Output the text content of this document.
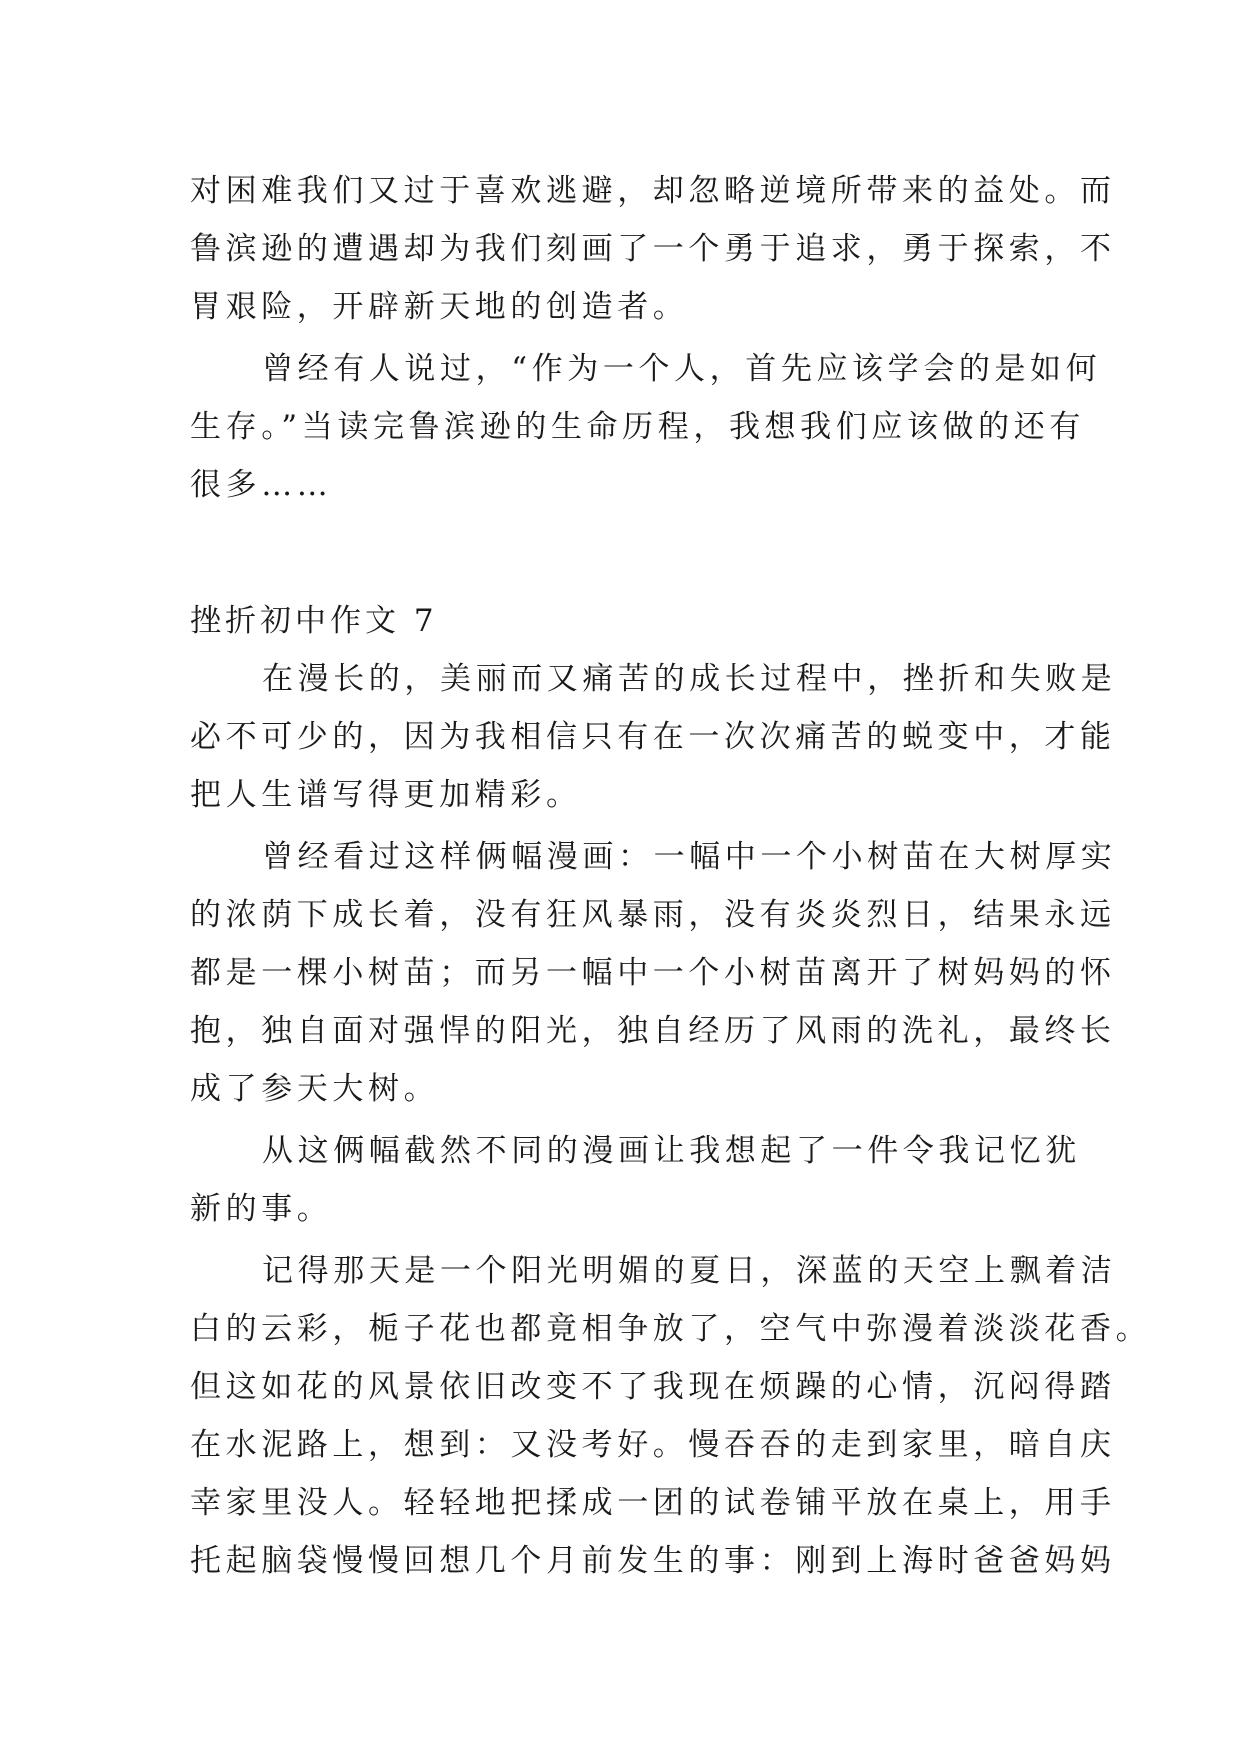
对困难我们又过于喜欢逃避，却忽略逆境所带来的益处。而
鲁滨逊的遭遇却为我们刻画了一个勇于追求，勇于探索，不
胃艰险，开辟新天地的创造者。
曾经有人说过，“作为一个人，首先应该学会的是如何
生存。”当读完鲁滨逊的生命历程，我想我们应该做的还有
很多……
挫折初中作文 7
在漫长的，美丽而又痛苦的成长过程中，挫折和失败是
必不可少的，因为我相信只有在一次次痛苦的蜕变中，才能
把人生谱写得更加精彩。
曾经看过这样俩幅漫画：一幅中一个小树苗在大树厚实
的浓荫下成长着，没有狂风暴雨，没有炎炎烈日，结果永远
都是一棵小树苗；而另一幅中一个小树苗离开了树妈妈的怀
抱，独自面对强悍的阳光，独自经历了风雨的洗礼，最终长
成了参天大树。
从这俩幅截然不同的漫画让我想起了一件令我记忆犹
新的事。
记得那天是一个阳光明媚的夏日，深蓝的天空上飘着洁
白的云彩，栀子花也都竟相争放了，空气中弥漫着淡淡花香。
但这如花的风景依旧改变不了我现在烦躁的心情，沉闷得踏
在水泥路上，想到：又没考好。慢吞吞的走到家里，暗自庆
幸家里没人。轻轻地把揉成一团的试卷铺平放在桌上，用手
托起脑袋慢慢回想几个月前发生的事：刚到上海时爸爸妈妈
